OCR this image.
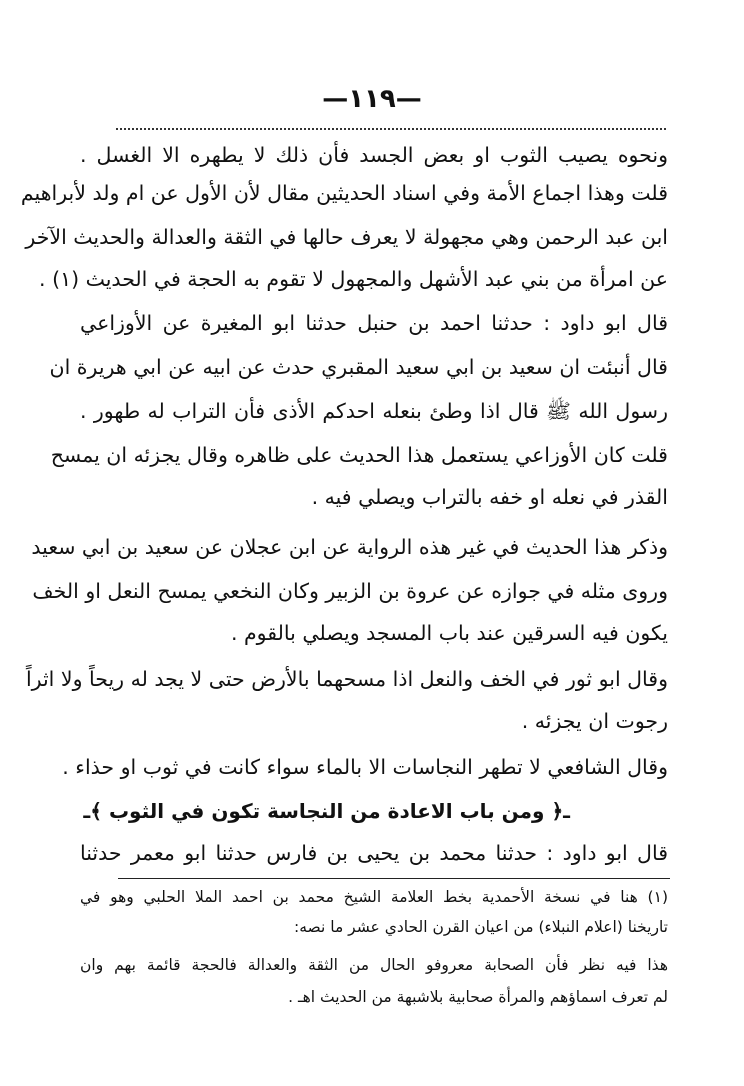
—١١٩—
ونحوه يصيب الثوب او بعض الجسد فأن ذلك لا يطهره الا الغسل .
قلت وهذا اجماع الأمة وفي اسناد الحديثين مقال لأن الأول عن ام ولد لأبراهيم
ابن عبد الرحمن وهي مجهولة لا يعرف حالها في الثقة والعدالة والحديث الآخر
عن امرأة من بني عبد الأشهل والمجهول لا تقوم به الحجة في الحديث (١) .
قال ابو داود : حدثنا احمد بن حنبل حدثنا ابو المغيرة عن الأوزاعي
قال أنبئت ان سعيد بن ابي سعيد المقبري حدث عن ابيه عن ابي هريرة ان
رسول الله ﷺ قال اذا وطئ بنعله احدكم الأذى فأن التراب له طهور .
قلت كان الأوزاعي يستعمل هذا الحديث على ظاهره وقال يجزئه ان يمسح
القذر في نعله او خفه بالتراب ويصلي فيه .
وذكر هذا الحديث في غير هذه الرواية عن ابن عجلان عن سعيد بن ابي سعيد
وروى مثله في جوازه عن عروة بن الزبير وكان النخعي يمسح النعل او الخف
يكون فيه السرقين عند باب المسجد ويصلي بالقوم .
وقال ابو ثور في الخف والنعل اذا مسحهما بالأرض حتى لا يجد له ريحاً ولا اثراً
رجوت ان يجزئه .
وقال الشافعي لا تطهر النجاسات الا بالماء سواء كانت في ثوب او حذاء .
ـ﴿ ومن باب الاعادة من النجاسة تكون في الثوب ﴾ـ
قال ابو داود : حدثنا محمد بن يحيى بن فارس حدثنا ابو معمر حدثنا
(١) هنا في نسخة الأحمدية بخط العلامة الشيخ محمد بن احمد الملا الحلبي وهو في
تاريخنا (اعلام النبلاء) من اعيان القرن الحادي عشر ما نصه:
هذا فيه نظر فأن الصحابة معروفو الحال من الثقة والعدالة فالحجة قائمة بهم وان
لم تعرف اسماؤهم والمرأة صحابية بلاشبهة من الحديث اهـ .
